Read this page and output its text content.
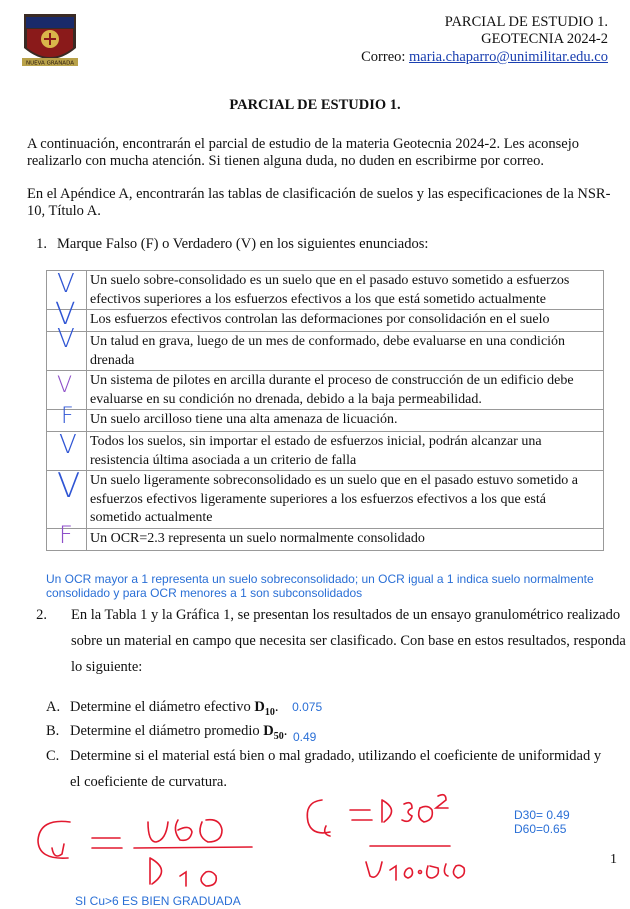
NUEVA GRANADA
PARCIAL DE ESTUDIO 1.
GEOTECNIA 2024-2
Correo: maria.chaparro@unimilitar.edu.co
PARCIAL DE ESTUDIO 1.
A continuación, encontrarán el parcial de estudio de la materia Geotecnia 2024-2. Les aconsejo realizarlo con mucha atención. Si tienen alguna duda, no duden en escribirme por correo.
En el Apéndice A, encontrarán las tablas de clasificación de suelos y las especificaciones de la NSR-10, Título A.
1. Marque Falso (F) o Verdadero (V) en los siguientes enunciados:
V	Un suelo sobre-consolidado es un suelo que en el pasado estuvo sometido a esfuerzos efectivos superiores a los esfuerzos efectivos a los que está sometido actualmente

V	Los esfuerzos efectivos controlan las deformaciones por consolidación en el suelo

V	Un talud en grava, luego de un mes de conformado, debe evaluarse en una condición drenada

V	Un sistema de pilotes en arcilla durante el proceso de construcción de un edificio debe evaluarse en su condición no drenada, debido a la baja permeabilidad.

F	Un suelo arcilloso tiene una alta amenaza de licuación.

V	Todos los suelos, sin importar el estado de esfuerzos inicial, podrán alcanzar una resistencia última asociada a un criterio de falla

V	Un suelo ligeramente sobreconsolidado es un suelo que en el pasado estuvo sometido a esfuerzos efectivos ligeramente superiores a los esfuerzos efectivos a los que está sometido actualmente

F	Un OCR=2.3 representa un suelo normalmente consolidado
Un OCR mayor a 1 representa un suelo sobreconsolidado; un OCR igual a 1 indica suelo normalmente consolidado y para OCR menores a 1 son subconsolidados
2. En la Tabla 1 y la Gráfica 1, se presentan los resultados de un ensayo granulométrico realizado sobre un material en campo que necesita ser clasificado. Con base en estos resultados, responda lo siguiente:
A. Determine el diámetro efectivo $D_{10}$. 0.075
B. Determine el diámetro promedio $D_{50}$. $_{0.49}$
C. Determine si el material está bien o mal gradado, utilizando el coeficiente de uniformidad y
el coeficiente de curvatura.
D30= 0.49
D60=0.65
1
SI Cu>6 ES BIEN GRADUADA
